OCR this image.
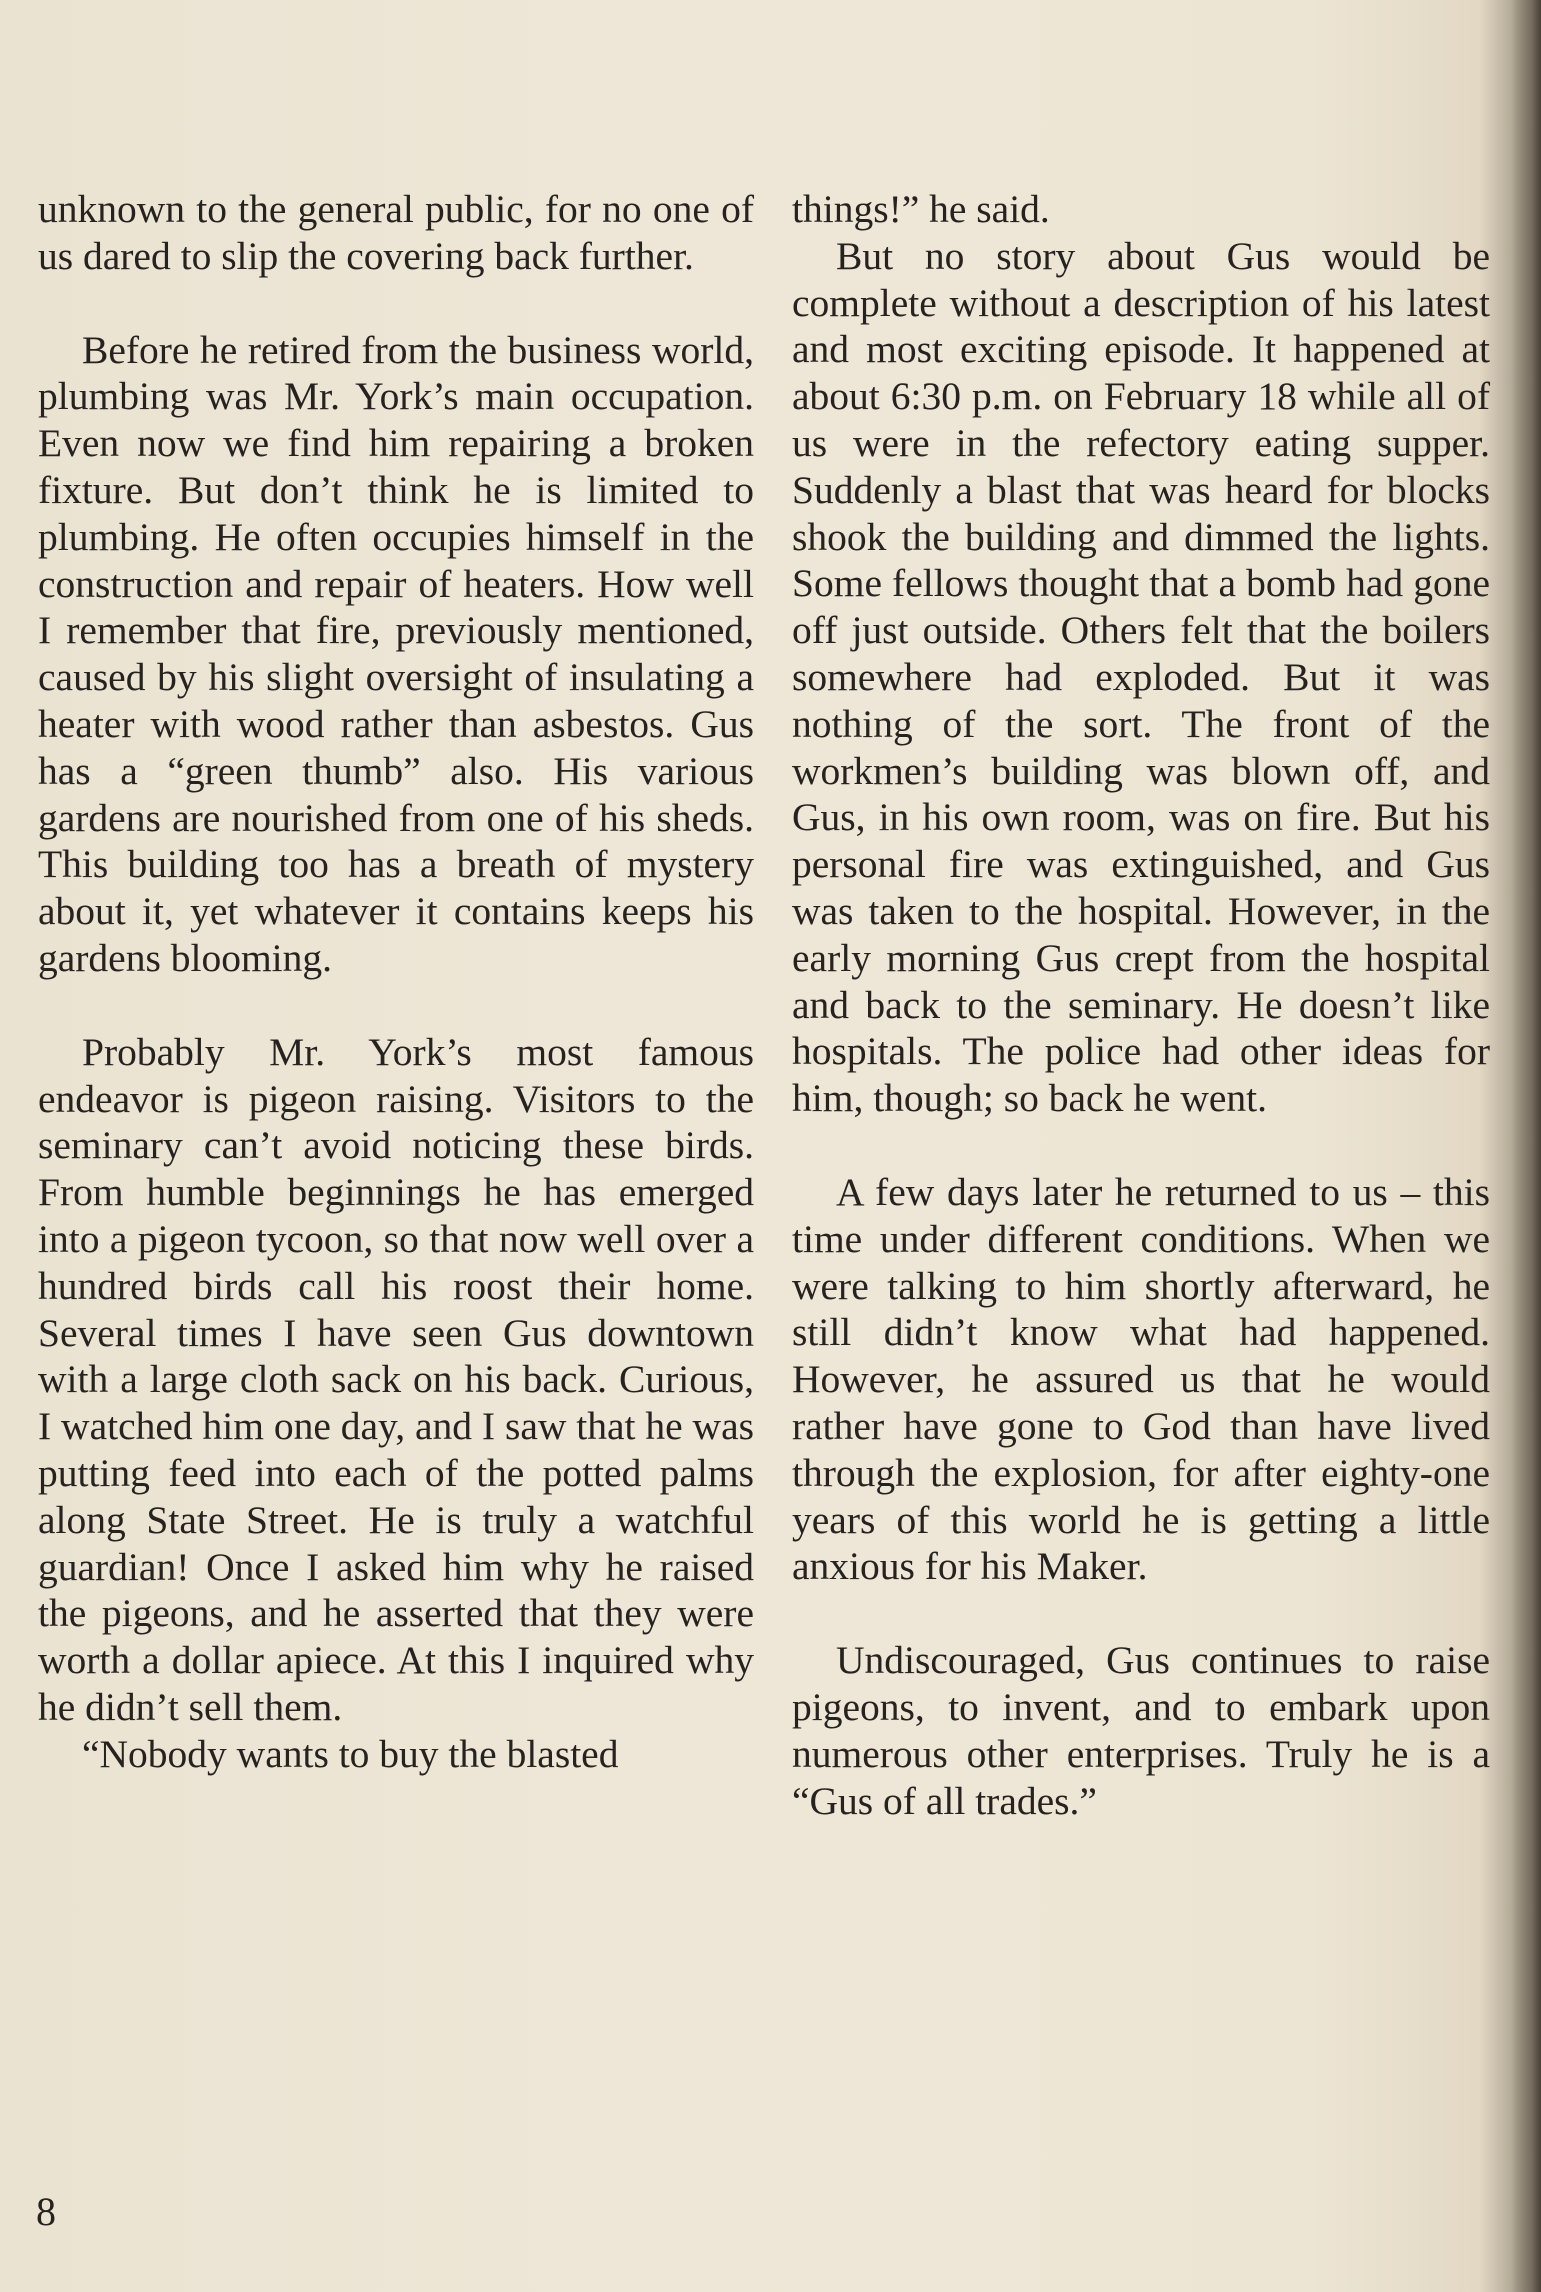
unknown to the general public, for no one of us dared to slip the covering back further.

Before he retired from the business world, plumbing was Mr. York’s main occupation. Even now we find him repairing a broken fixture. But don’t think he is limited to plumbing. He often occupies himself in the construction and repair of heaters. How well I remember that fire, previously mentioned, caused by his slight oversight of insulating a heater with wood rather than asbestos. Gus has a “green thumb” also. His various gardens are nourished from one of his sheds. This building too has a breath of mystery about it, yet whatever it contains keeps his gardens blooming.

Probably Mr. York’s most famous endeavor is pigeon raising. Visitors to the seminary can’t avoid noticing these birds. From humble beginnings he has emerged into a pigeon tycoon, so that now well over a hundred birds call his roost their home. Several times I have seen Gus downtown with a large cloth sack on his back. Curious, I watched him one day, and I saw that he was putting feed into each of the potted palms along State Street. He is truly a watchful guardian! Once I asked him why he raised the pigeons, and he asserted that they were worth a dollar apiece. At this I inquired why he didn’t sell them.

“Nobody wants to buy the blasted

things!” he said.

But no story about Gus would be complete without a description of his latest and most exciting episode. It happened at about 6:30 p.m. on February 18 while all of us were in the refectory eating supper. Suddenly a blast that was heard for blocks shook the building and dimmed the lights. Some fellows thought that a bomb had gone off just outside. Others felt that the boilers somewhere had exploded. But it was nothing of the sort. The front of the workmen’s building was blown off, and Gus, in his own room, was on fire. But his personal fire was extinguished, and Gus was taken to the hospital. However, in the early morning Gus crept from the hospital and back to the seminary. He doesn’t like hospitals. The police had other ideas for him, though; so back he went.

A few days later he returned to us – this time under different conditions. When we were talking to him shortly afterward, he still didn’t know what had happened. However, he assured us that he would rather have gone to God than have lived through the explosion, for after eighty-one years of this world he is getting a little anxious for his Maker.

Undiscouraged, Gus continues to raise pigeons, to invent, and to embark upon numerous other enterprises. Truly he is a “Gus of all trades.”

8
